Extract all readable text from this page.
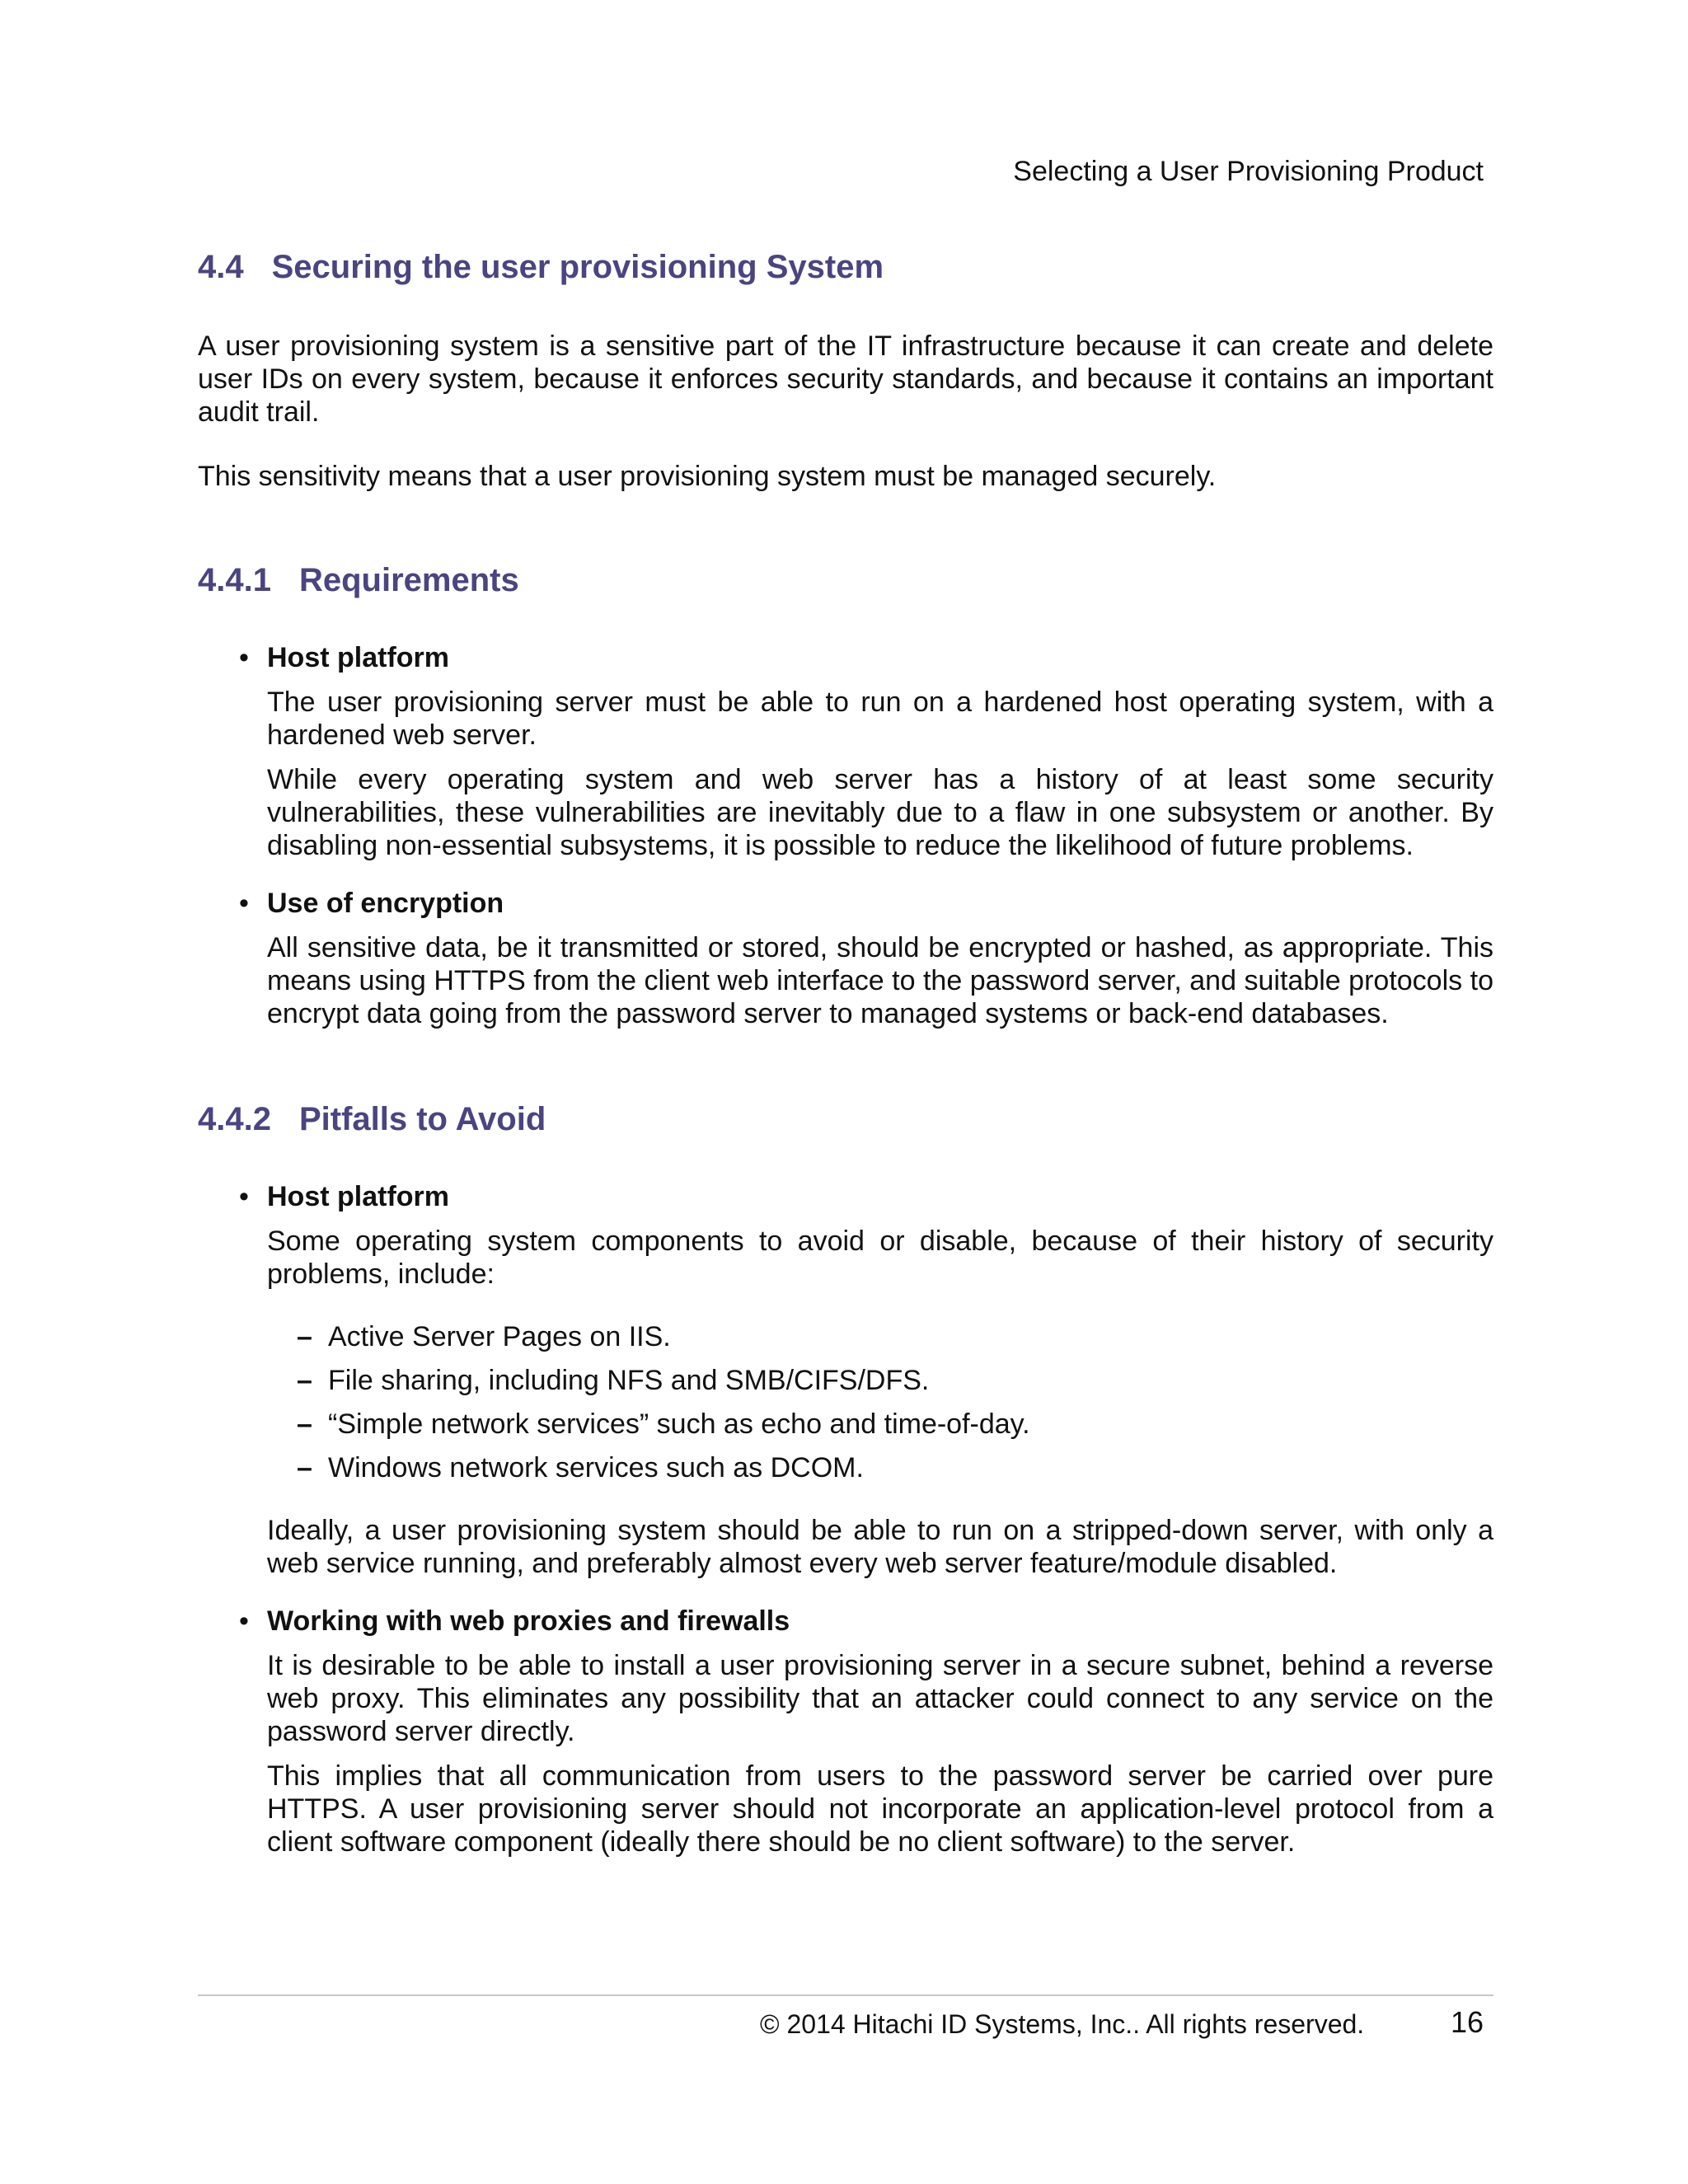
Selecting a User Provisioning Product
4.4 Securing the user provisioning System

A user provisioning system is a sensitive part of the IT infrastructure because it can create and delete user IDs on every system, because it enforces security standards, and because it contains an important audit trail.

This sensitivity means that a user provisioning system must be managed securely.

4.4.1 Requirements
• Host platform

The user provisioning server must be able to run on a hardened host operating system, with a hardened web server.

While every operating system and web server has a history of at least some security vulnerabilities, these vulnerabilities are inevitably due to a flaw in one subsystem or another. By disabling non-essential subsystems, it is possible to reduce the likelihood of future problems.

• Use of encryption

All sensitive data, be it transmitted or stored, should be encrypted or hashed, as appropriate. This means using HTTPS from the client web interface to the password server, and suitable protocols to encrypt data going from the password server to managed systems or back-end databases.

4.4.2 Pitfalls to Avoid
• Host platform

Some operating system components to avoid or disable, because of their history of security problems, include:

– Active Server Pages on IIS.
– File sharing, including NFS and SMB/CIFS/DFS.
– “Simple network services” such as echo and time-of-day.
– Windows network services such as DCOM.

Ideally, a user provisioning system should be able to run on a stripped-down server, with only a web service running, and preferably almost every web server feature/module disabled.

• Working with web proxies and firewalls

It is desirable to be able to install a user provisioning server in a secure subnet, behind a reverse web proxy. This eliminates any possibility that an attacker could connect to any service on the password server directly.

This implies that all communication from users to the password server be carried over pure HTTPS. A user provisioning server should not incorporate an application-level protocol from a client software component (ideally there should be no client software) to the server.

© 2014 Hitachi ID Systems, Inc.. All rights reserved.	16
